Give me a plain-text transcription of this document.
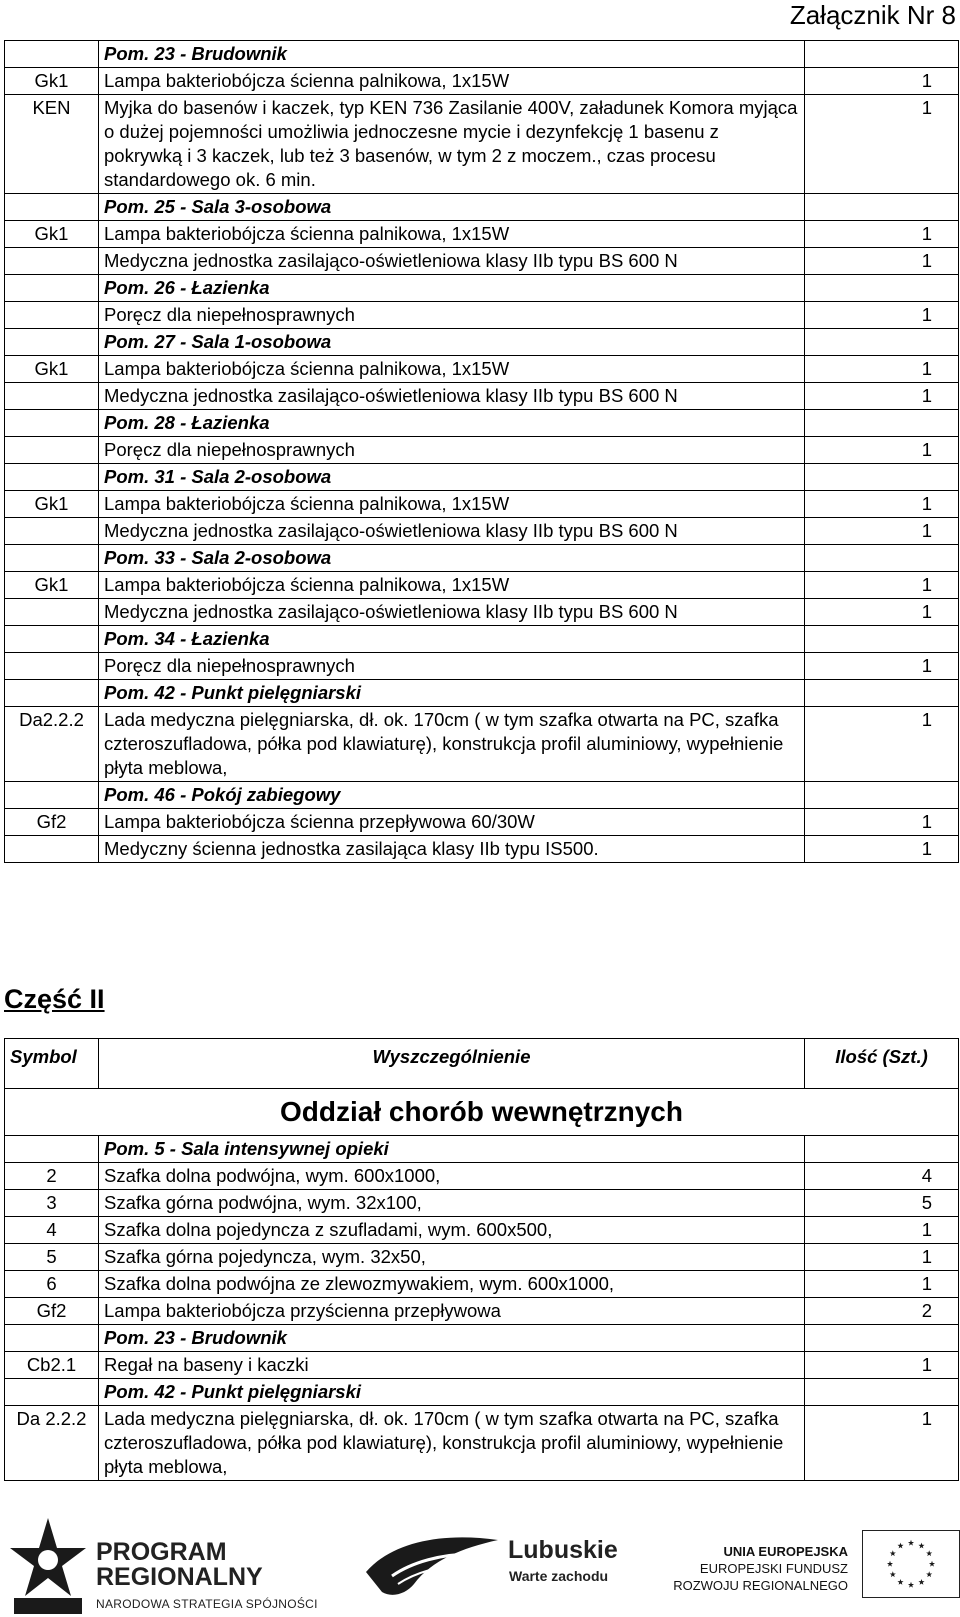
Załącznik Nr 8
	Pom. 23 - Brudownik	
Gk1	Lampa bakteriobójcza ścienna palnikowa, 1x15W	1
KEN	Myjka do basenów i kaczek, typ KEN 736 Zasilanie 400V, załadunek Komora myjąca o dużej pojemności umożliwia jednoczesne mycie i dezynfekcję 1 basenu z pokrywką i 3 kaczek, lub też 3 basenów, w tym 2 z moczem., czas procesu standardowego ok. 6 min.	1
	Pom. 25 - Sala 3-osobowa	
Gk1	Lampa bakteriobójcza ścienna palnikowa, 1x15W	1
	Medyczna jednostka zasilająco-oświetleniowa klasy IIb typu BS 600 N	1
	Pom. 26 - Łazienka	
	Poręcz dla niepełnosprawnych	1
	Pom. 27 - Sala 1-osobowa	
Gk1	Lampa bakteriobójcza ścienna palnikowa, 1x15W	1
	Medyczna jednostka zasilająco-oświetleniowa klasy IIb typu BS 600 N	1
	Pom. 28 - Łazienka	
	Poręcz dla niepełnosprawnych	1
	Pom. 31 - Sala 2-osobowa	
Gk1	Lampa bakteriobójcza ścienna palnikowa, 1x15W	1
	Medyczna jednostka zasilająco-oświetleniowa klasy IIb typu BS 600 N	1
	Pom. 33 - Sala 2-osobowa	
Gk1	Lampa bakteriobójcza ścienna palnikowa, 1x15W	1
	Medyczna jednostka zasilająco-oświetleniowa klasy IIb typu BS 600 N	1
	Pom. 34 - Łazienka	
	Poręcz dla niepełnosprawnych	1
	Pom. 42 - Punkt pielęgniarski	
Da2.2.2	Lada medyczna pielęgniarska, dł. ok. 170cm ( w tym szafka otwarta na PC, szafka czteroszufladowa, półka pod klawiaturę), konstrukcja profil aluminiowy, wypełnienie płyta meblowa,	1
	Pom. 46 - Pokój zabiegowy	
Gf2	Lampa bakteriobójcza ścienna przepływowa 60/30W	1
	Medyczny ścienna jednostka zasilająca klasy IIb typu IS500.	1
Część II
Symbol	Wyszczególnienie	Ilość (Szt.)
Oddział chorób wewnętrznych		
	Pom. 5 - Sala intensywnej opieki	
2	Szafka dolna podwójna, wym. 600x1000,	4
3	Szafka górna podwójna, wym. 32x100,	5
4	Szafka dolna pojedyncza z szufladami, wym. 600x500,	1
5	Szafka górna pojedyncza, wym. 32x50,	1
6	Szafka dolna podwójna ze zlewozmywakiem, wym. 600x1000,	1
Gf2	Lampa bakteriobójcza przyścienna przepływowa	2
	Pom. 23 - Brudownik	
Cb2.1	Regał na baseny i kaczki	1
	Pom. 42 - Punkt pielęgniarski	
Da 2.2.2	Lada medyczna pielęgniarska, dł. ok. 170cm ( w tym szafka otwarta na PC, szafka czteroszufladowa, półka pod klawiaturę), konstrukcja profil aluminiowy, wypełnienie płyta meblowa,	1
PROGRAM
REGIONALNY
NARODOWA STRATEGIA SPÓJNOŚCI
Lubuskie
Warte zachodu
UNIA EUROPEJSKA
EUROPEJSKI FUNDUSZ
ROZWOJU REGIONALNEGO
